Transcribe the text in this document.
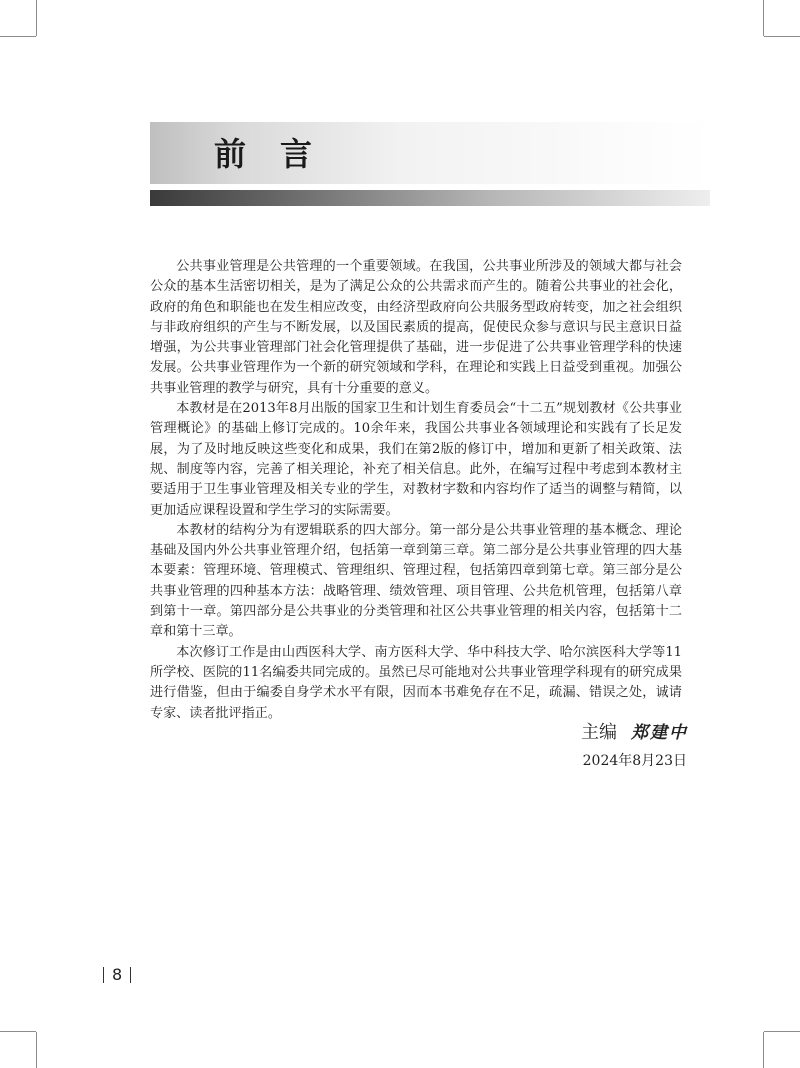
前言

公共事业管理是公共管理的一个重要领域。在我国，公共事业所涉及的领域大都与社会公众的基本生活密切相关，是为了满足公众的公共需求而产生的。随着公共事业的社会化，政府的角色和职能也在发生相应改变，由经济型政府向公共服务型政府转变，加之社会组织与非政府组织的产生与不断发展，以及国民素质的提高，促使民众参与意识与民主意识日益增强，为公共事业管理部门社会化管理提供了基础，进一步促进了公共事业管理学科的快速发展。公共事业管理作为一个新的研究领域和学科，在理论和实践上日益受到重视。加强公共事业管理的教学与研究，具有十分重要的意义。

本教材是在2013年8月出版的国家卫生和计划生育委员会“十二五”规划教材《公共事业管理概论》的基础上修订完成的。10余年来，我国公共事业各领域理论和实践有了长足发展，为了及时地反映这些变化和成果，我们在第2版的修订中，增加和更新了相关政策、法规、制度等内容，完善了相关理论，补充了相关信息。此外，在编写过程中考虑到本教材主要适用于卫生事业管理及相关专业的学生，对教材字数和内容均作了适当的调整与精简，以更加适应课程设置和学生学习的实际需要。

本教材的结构分为有逻辑联系的四大部分。第一部分是公共事业管理的基本概念、理论基础及国内外公共事业管理介绍，包括第一章到第三章。第二部分是公共事业管理的四大基本要素：管理环境、管理模式、管理组织、管理过程，包括第四章到第七章。第三部分是公共事业管理的四种基本方法：战略管理、绩效管理、项目管理、公共危机管理，包括第八章到第十一章。第四部分是公共事业的分类管理和社区公共事业管理的相关内容，包括第十二章和第十三章。

本次修订工作是由山西医科大学、南方医科大学、华中科技大学、哈尔滨医科大学等11所学校、医院的11名编委共同完成的。虽然已尽可能地对公共事业管理学科现有的研究成果进行借鉴，但由于编委自身学术水平有限，因而本书难免存在不足，疏漏、错误之处，诚请专家、读者批评指正。

主编 郑建中
2024年8月23日
8
